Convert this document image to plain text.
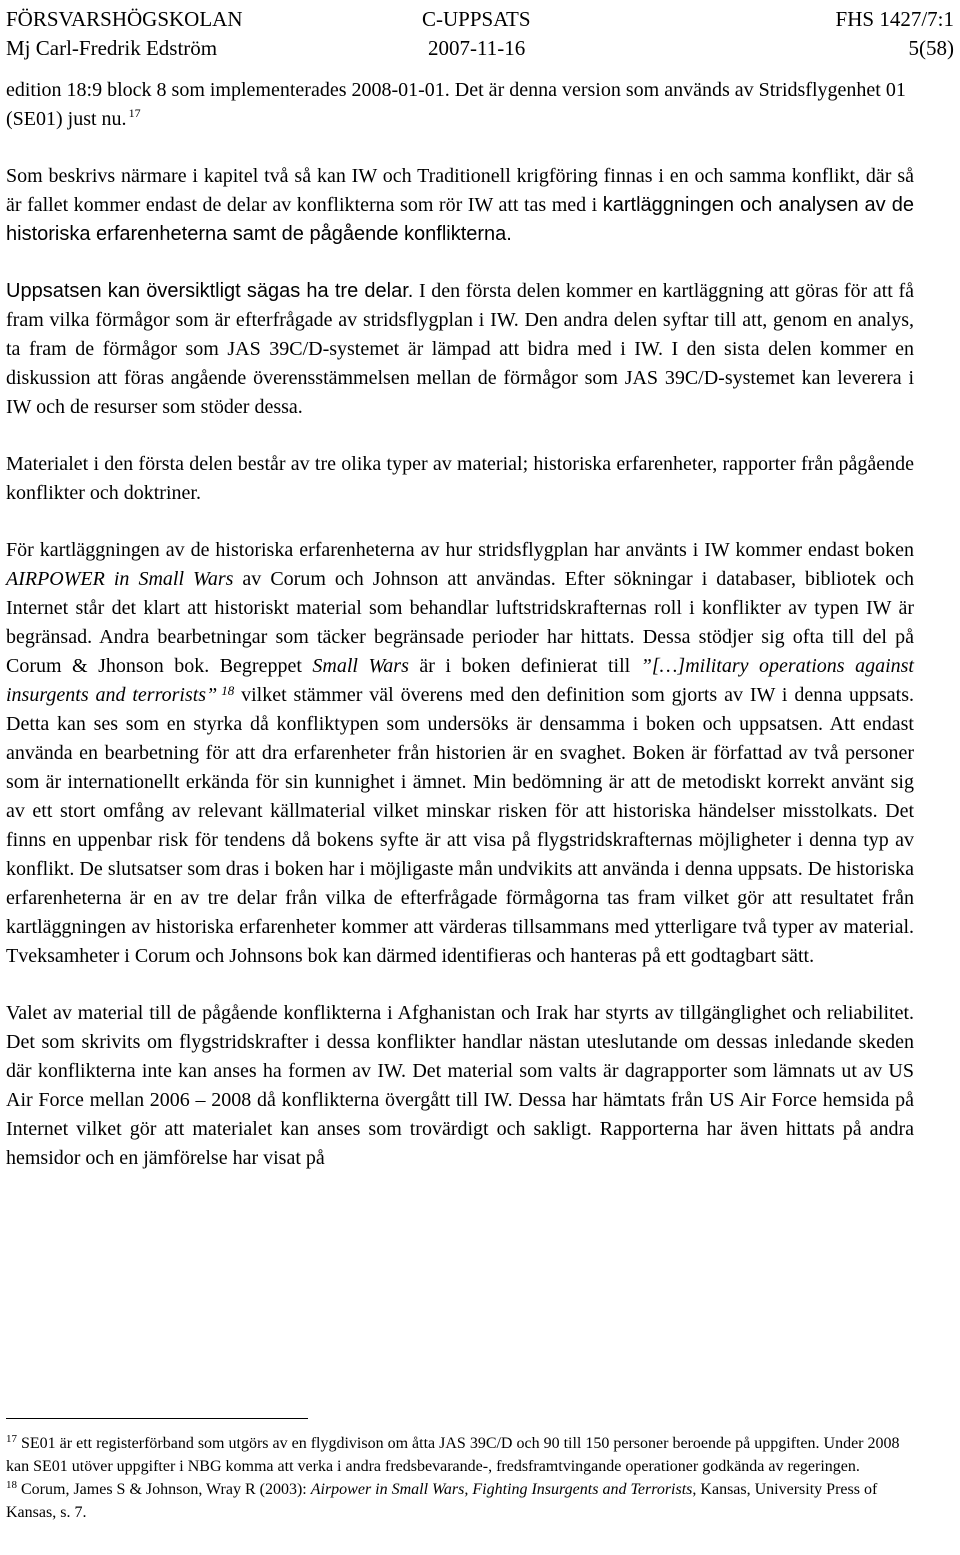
FÖRSVARSHÖGSKOLAN	C-UPPSATS	FHS 1427/7:1
Mj Carl-Fredrik Edström	2007-11-16	5(58)

edition 18:9 block 8 som implementerades 2008-01-01. Det är denna version som används av Stridsflygenhet 01 (SE01) just nu. $^{17}$

Som beskrivs närmare i kapitel två så kan IW och Traditionell krigföring finnas i en och samma konflikt, där så är fallet kommer endast de delar av konflikterna som rör IW att tas med i kartläggningen och analysen av de historiska erfarenheterna samt de pågående konflikterna.

Uppsatsen kan översiktligt sägas ha tre delar. I den första delen kommer en kartläggning att göras för att få fram vilka förmågor som är efterfrågade av stridsflygplan i IW. Den andra delen syftar till att, genom en analys, ta fram de förmågor som JAS 39C/D-systemet är lämpad att bidra med i IW. I den sista delen kommer en diskussion att föras angående överensstämmelsen mellan de förmågor som JAS 39C/D-systemet kan leverera i IW och de resurser som stöder dessa.

Materialet i den första delen består av tre olika typer av material; historiska erfarenheter, rapporter från pågående konflikter och doktriner.

För kartläggningen av de historiska erfarenheterna av hur stridsflygplan har använts i IW kommer endast boken AIRPOWER in Small Wars av Corum och Johnson att användas. Efter sökningar i databaser, bibliotek och Internet står det klart att historiskt material som behandlar luftstridskrafternas roll i konflikter av typen IW är begränsad. Andra bearbetningar som täcker begränsade perioder har hittats. Dessa stödjer sig ofta till del på Corum & Jhonson bok. Begreppet Small Wars är i boken definierat till ”[…]military operations against insurgents and terrorists” $^{18}$ vilket stämmer väl överens med den definition som gjorts av IW i denna uppsats. Detta kan ses som en styrka då konfliktypen som undersöks är densamma i boken och uppsatsen. Att endast använda en bearbetning för att dra erfarenheter från historien är en svaghet. Boken är författad av två personer som är internationellt erkända för sin kunnighet i ämnet. Min bedömning är att de metodiskt korrekt använt sig av ett stort omfång av relevant källmaterial vilket minskar risken för att historiska händelser misstolkats. Det finns en uppenbar risk för tendens då bokens syfte är att visa på flygstridskrafternas möjligheter i denna typ av konflikt. De slutsatser som dras i boken har i möjligaste mån undvikits att använda i denna uppsats. De historiska erfarenheterna är en av tre delar från vilka de efterfrågade förmågorna tas fram vilket gör att resultatet från kartläggningen av historiska erfarenheter kommer att värderas tillsammans med ytterligare två typer av material. Tveksamheter i Corum och Johnsons bok kan därmed identifieras och hanteras på ett godtagbart sätt.

Valet av material till de pågående konflikterna i Afghanistan och Irak har styrts av tillgänglighet och reliabilitet. Det som skrivits om flygstridskrafter i dessa konflikter handlar nästan uteslutande om dessas inledande skeden där konflikterna inte kan anses ha formen av IW. Det material som valts är dagrapporter som lämnats ut av US Air Force mellan 2006 – 2008 då konflikterna övergått till IW. Dessa har hämtats från US Air Force hemsida på Internet vilket gör att materialet kan anses som trovärdigt och sakligt. Rapporterna har även hittats på andra hemsidor och en jämförelse har visat på

$^{17}$ SE01 är ett registerförband som utgörs av en flygdivison om åtta JAS 39C/D och 90 till 150 personer beroende på uppgiften. Under 2008 kan SE01 utöver uppgifter i NBG komma att verka i andra fredsbevarande-, fredsframtvingande operationer godkända av regeringen.

$^{18}$ Corum, James S & Johnson, Wray R (2003): Airpower in Small Wars, Fighting Insurgents and Terrorists, Kansas, University Press of Kansas, s. 7.
